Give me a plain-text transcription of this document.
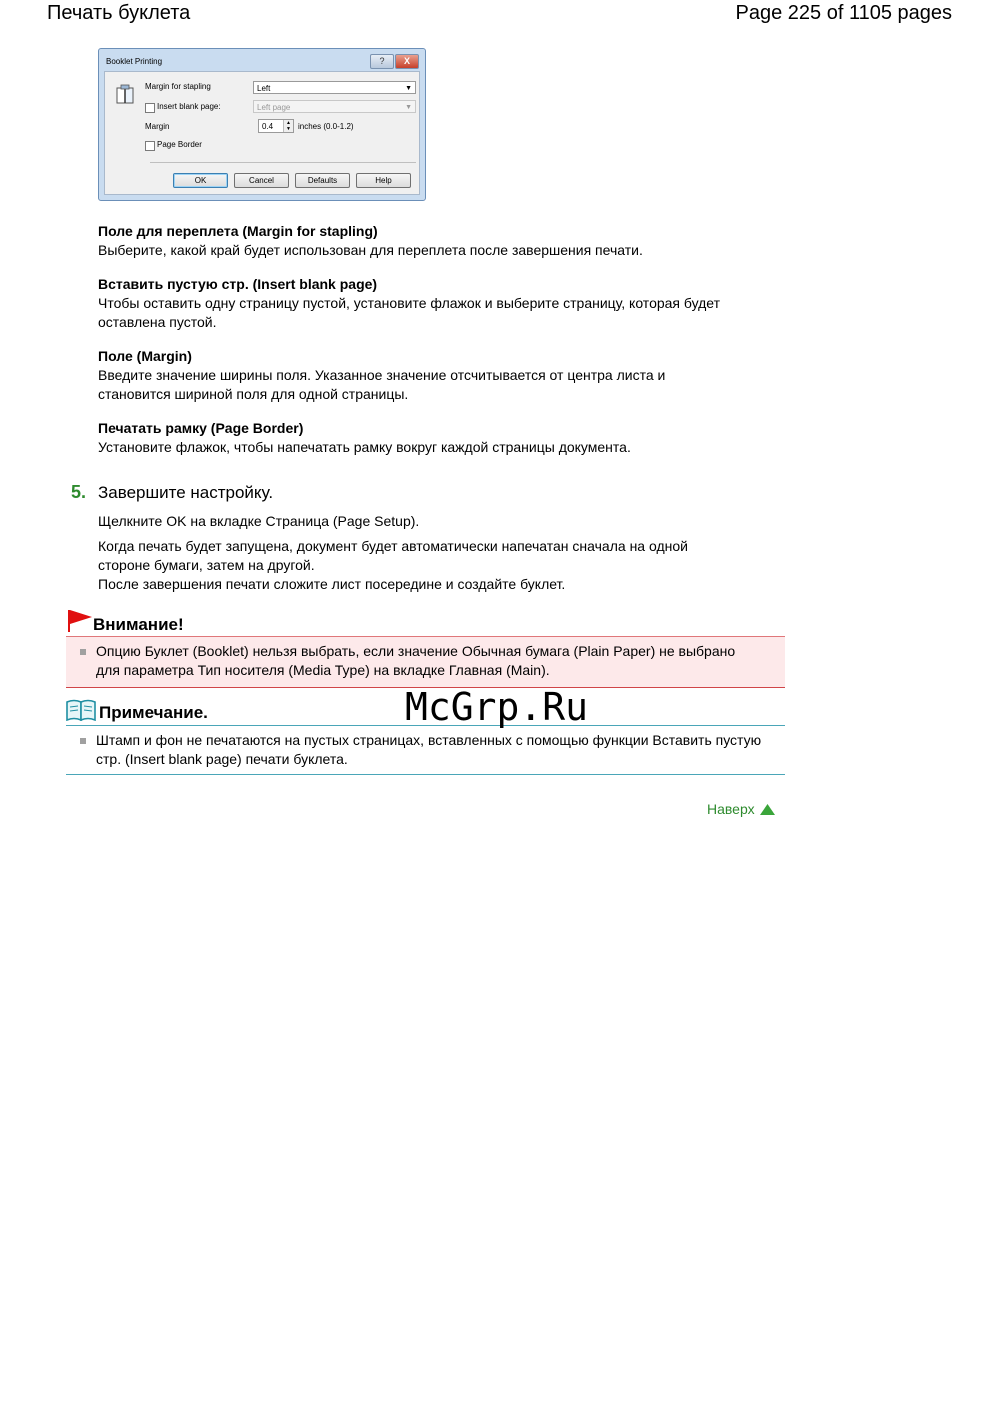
Печать буклета	Page 225 of 1105 pages
Booklet Printing	?	X
Margin for stapling	Left	▼
Insert blank page:	Left page	▼
Margin	0.4	▲
▼ inches (0.0-1.2)
Page Border
OK	Cancel	Defaults	Help
Поле для переплета (Margin for stapling)
Выберите, какой край будет использован для переплета после завершения печати.
Вставить пустую стр. (Insert blank page)
Чтобы оставить одну страницу пустой, установите флажок и выберите страницу, которая будет оставлена пустой.
Поле (Margin)
Введите значение ширины поля. Указанное значение отсчитывается от центра листа и становится шириной поля для одной страницы.
Печатать рамку (Page Border)
Установите флажок, чтобы напечатать рамку вокруг каждой страницы документа.
5. Завершите настройку.
Щелкните OK на вкладке Страница (Page Setup).
Когда печать будет запущена, документ будет автоматически напечатан сначала на одной стороне бумаги, затем на другой.
После завершения печати сложите лист посередине и создайте буклет.
Внимание!
Опцию Буклет (Booklet) нельзя выбрать, если значение Обычная бумага (Plain Paper) не выбрано для параметра Тип носителя (Media Type) на вкладке Главная (Main).
Примечание.
Штамп и фон не печатаются на пустых страницах, вставленных с помощью функции Вставить пустую стр. (Insert blank page) печати буклета.
McGrp.Ru
Наверх
